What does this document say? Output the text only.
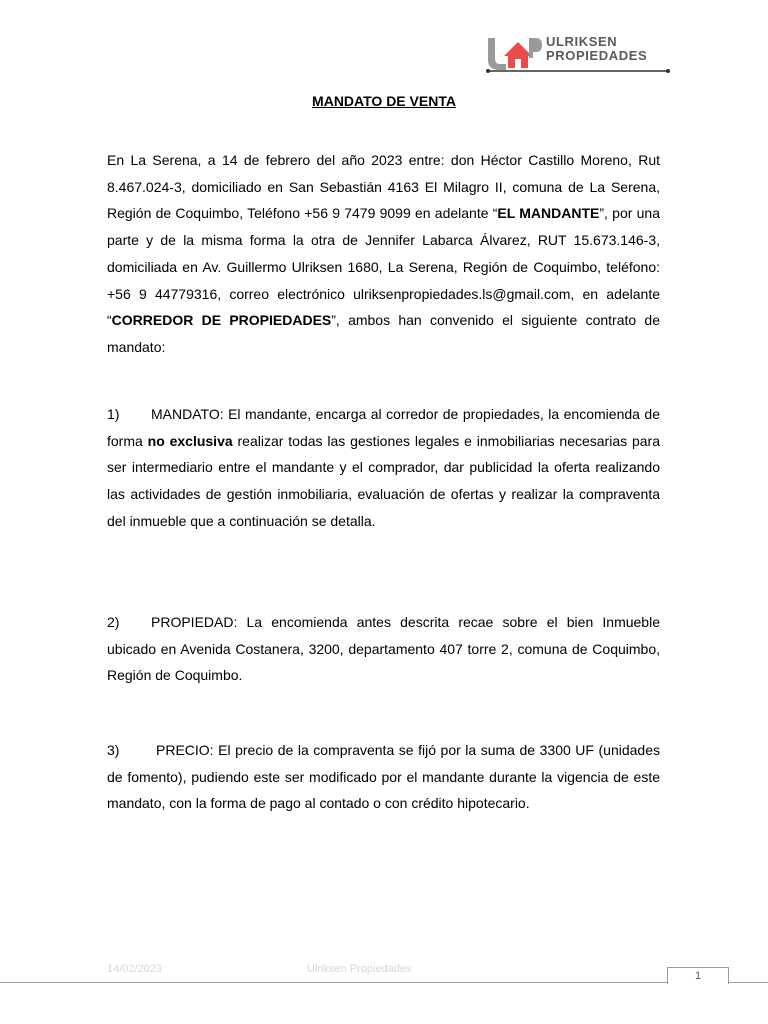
ULRIKSEN
PROPIEDADES
MANDATO DE VENTA
En La Serena, a 14 de febrero del año 2023 entre: don Héctor Castillo Moreno, Rut 8.467.024-3, domiciliado en San Sebastián 4163 El Milagro II, comuna de La Serena, Región de Coquimbo, Teléfono +56 9 7479 9099 en adelante “EL MANDANTE”, por una parte y de la misma forma la otra de Jennifer Labarca Álvarez, RUT 15.673.146-3, domiciliada en Av. Guillermo Ulriksen 1680, La Serena, Región de Coquimbo, teléfono: +56 9 44779316, correo electrónico ulriksenpropiedades.ls@gmail.com, en adelante “CORREDOR DE PROPIEDADES”, ambos han convenido el siguiente contrato de mandato:
1) MANDATO: El mandante, encarga al corredor de propiedades, la encomienda de forma no exclusiva realizar todas las gestiones legales e inmobiliarias necesarias para ser intermediario entre el mandante y el comprador, dar publicidad la oferta realizando las actividades de gestión inmobiliaria, evaluación de ofertas y realizar la compraventa del inmueble que a continuación se detalla.
2) PROPIEDAD: La encomienda antes descrita recae sobre el bien Inmueble ubicado en Avenida Costanera, 3200, departamento 407 torre 2, comuna de Coquimbo, Región de Coquimbo.
3)	PRECIO: El precio de la compraventa se fijó por la suma de 3300 UF (unidades de fomento), pudiendo este ser modificado por el mandante durante la vigencia de este mandato, con la forma de pago al contado o con crédito hipotecario.
14/02/2023	Ulriksen Propiedades
1
